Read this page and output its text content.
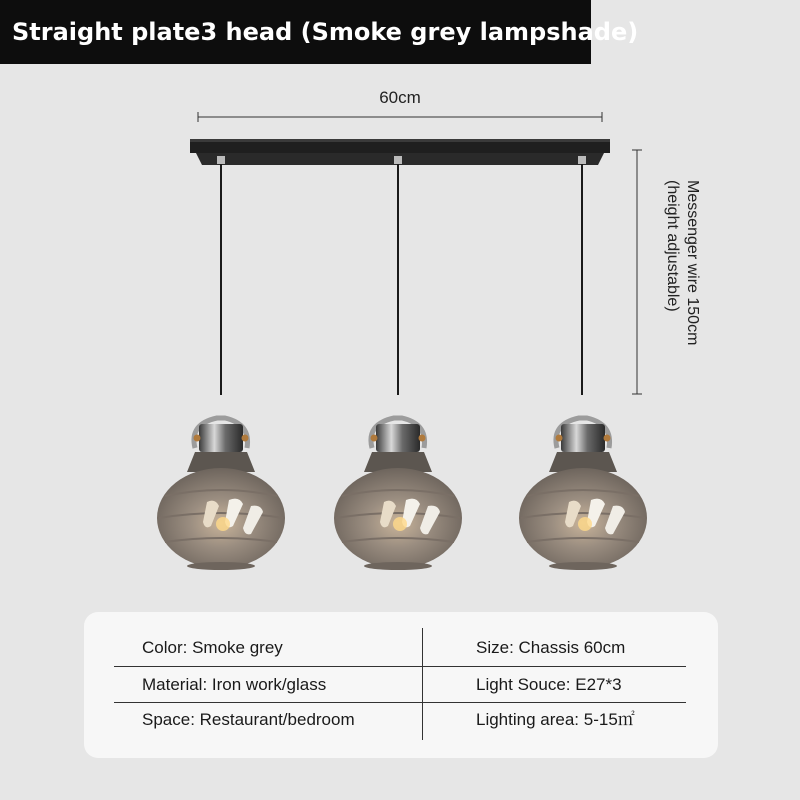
Straight plate3 head (Smoke grey lampshade)
60cm
Messenger wire 150cm
(height adjustable)
Color: Smoke grey	Size: Chassis 60cm
Material: Iron work/glass	Light Souce: E27*3
Space: Restaurant/bedroom	Lighting area: 5-15㎡
